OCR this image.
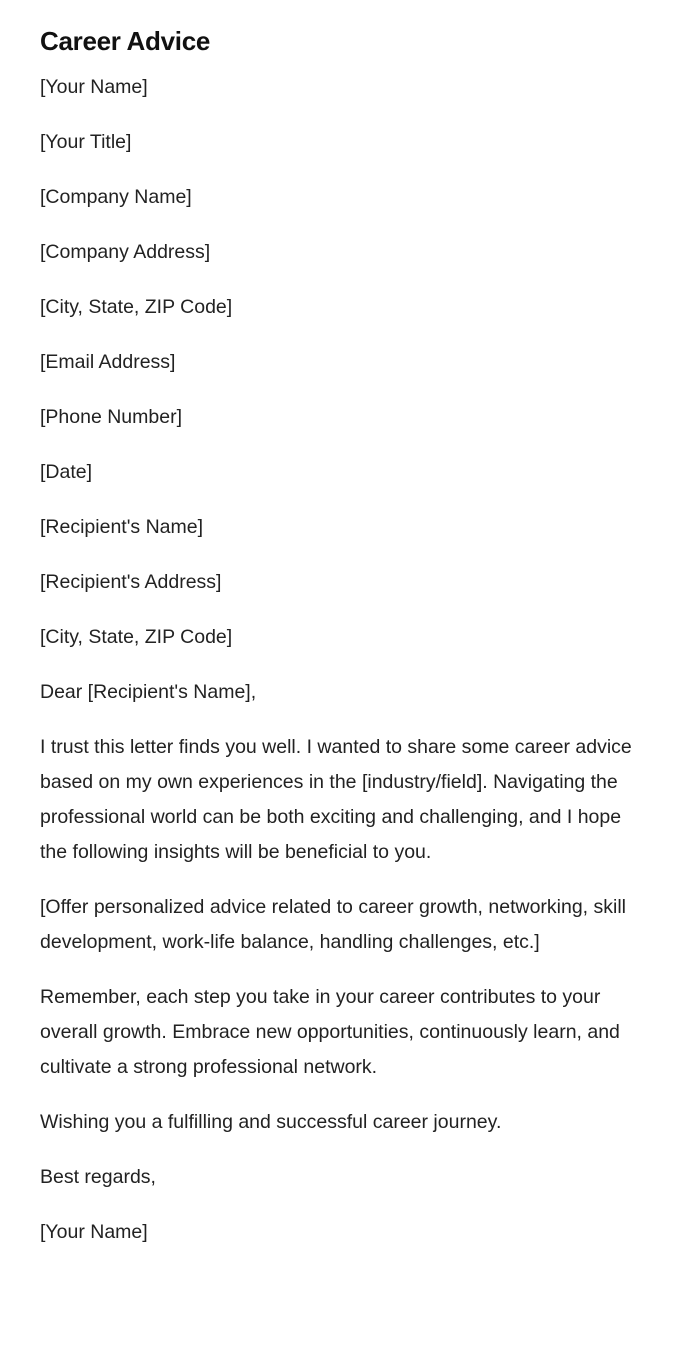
Career Advice

[Your Name]

[Your Title]

[Company Name]

[Company Address]

[City, State, ZIP Code]

[Email Address]

[Phone Number]

[Date]

[Recipient's Name]

[Recipient's Address]

[City, State, ZIP Code]

Dear [Recipient's Name],

I trust this letter finds you well. I wanted to share some career advice based on my own experiences in the [industry/field]. Navigating the professional world can be both exciting and challenging, and I hope the following insights will be beneficial to you.

[Offer personalized advice related to career growth, networking, skill development, work-life balance, handling challenges, etc.]

Remember, each step you take in your career contributes to your overall growth. Embrace new opportunities, continuously learn, and cultivate a strong professional network.

Wishing you a fulfilling and successful career journey.

Best regards,

[Your Name]
